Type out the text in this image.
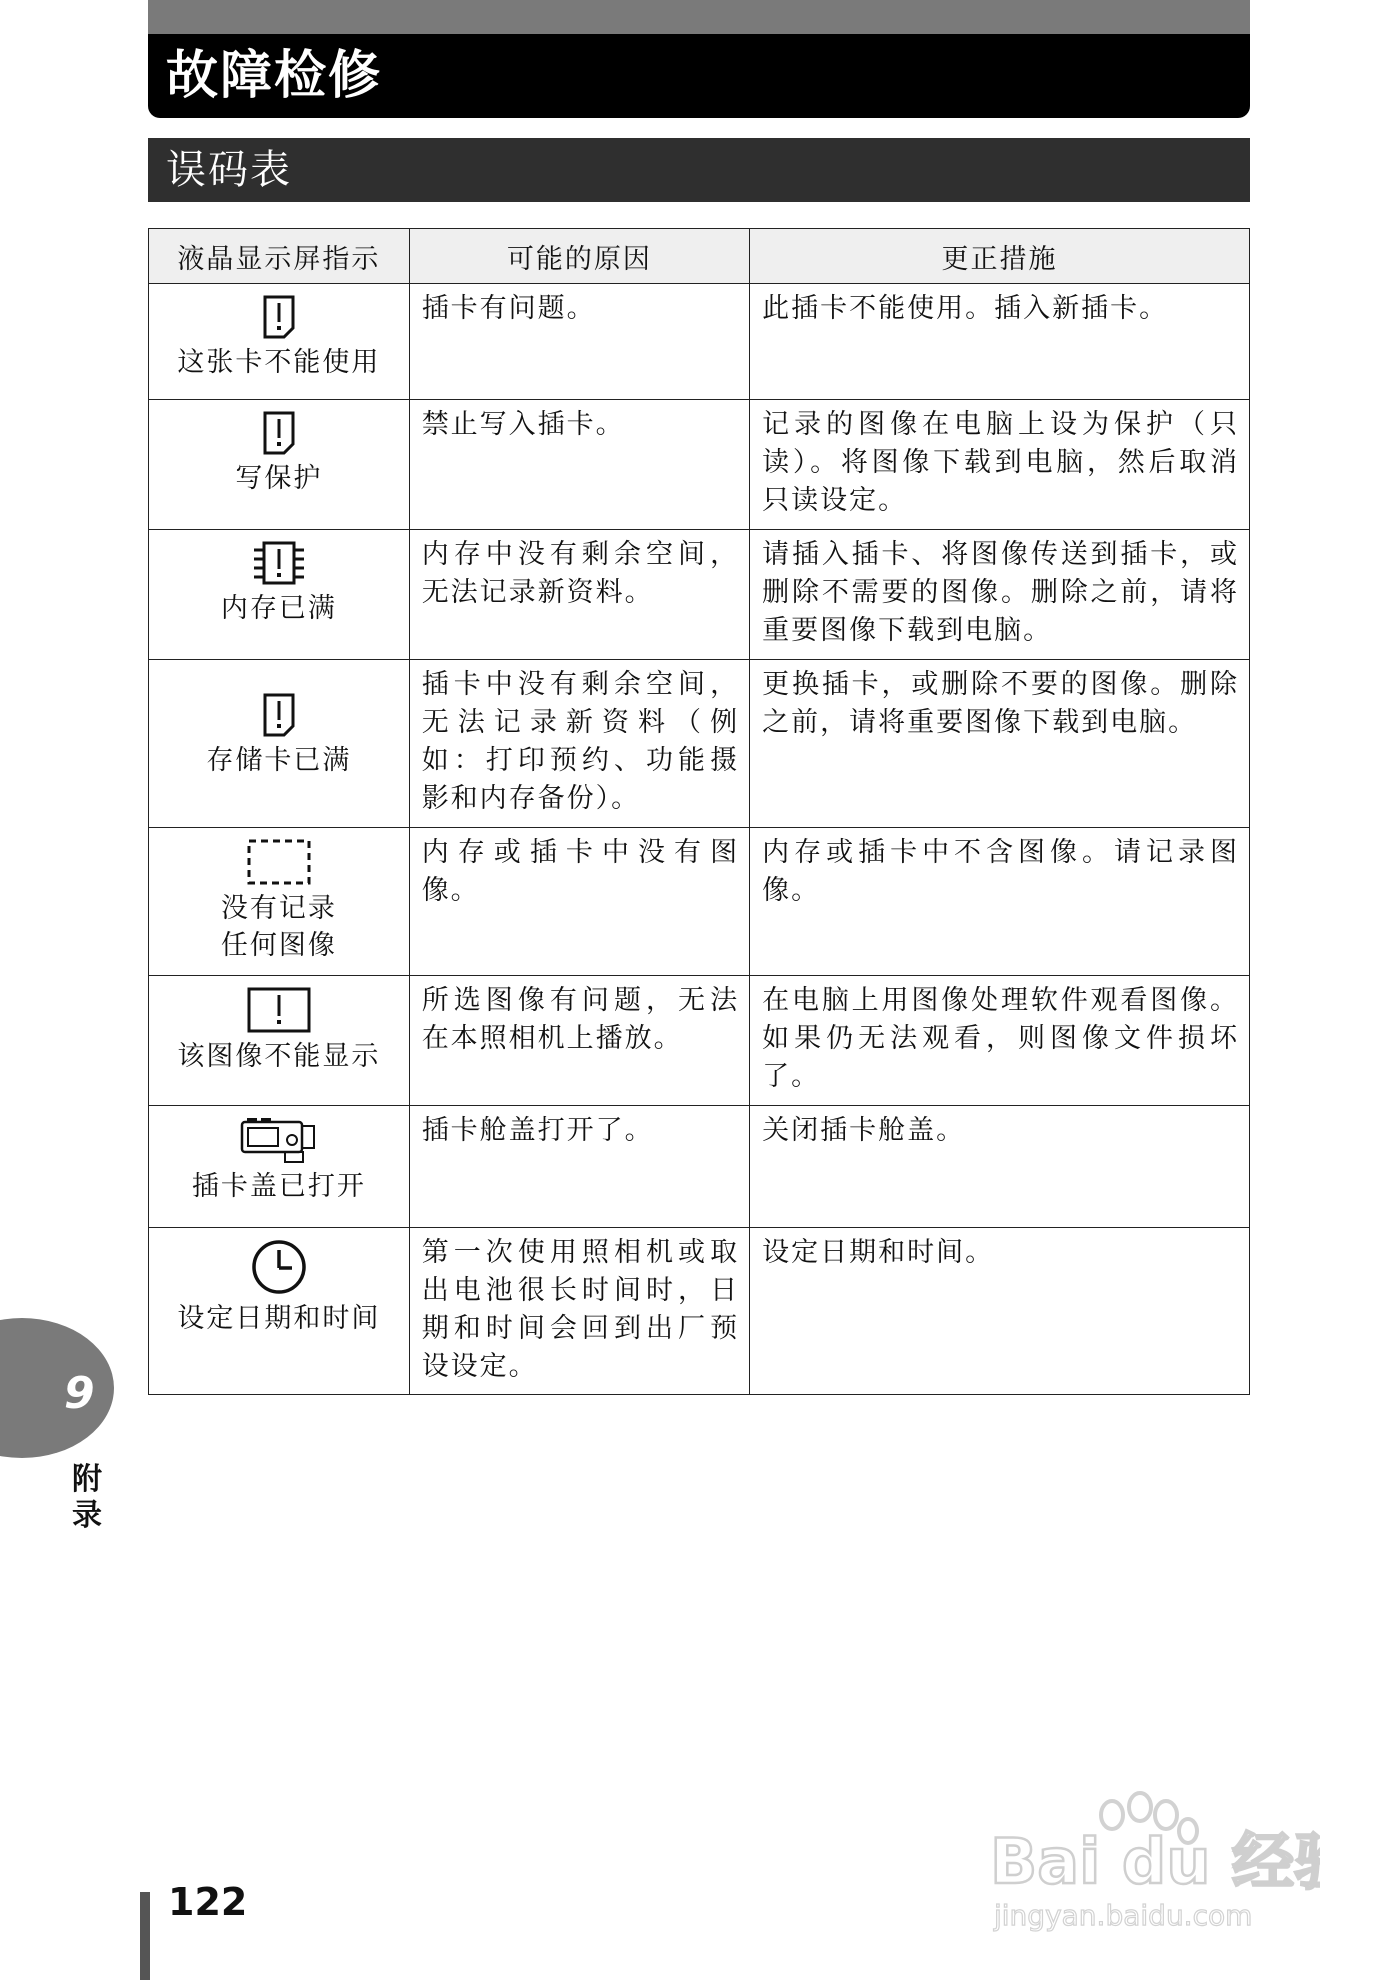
故障检修
误码表
液晶显示屏指示	可能的原因	更正措施

这张卡不能使用	插卡有问题。	此插卡不能使用。插入新插卡。

写保护	禁止写入插卡。	记录的图像在电脑上设为保护（只读）。将图像下载到电脑，然后取消只读设定。

内存已满	内存中没有剩余空间，无法记录新资料。	请插入插卡、将图像传送到插卡，或删除不需要的图像。删除之前，请将重要图像下载到电脑。

存储卡已满	插卡中没有剩余空间，无法记录新资料（例如：打印预约、功能摄影和内存备份）。	更换插卡，或删除不要的图像。删除之前，请将重要图像下载到电脑。

没有记录
任何图像	内存或插卡中没有图像。	内存或插卡中不含图像。请记录图像。

该图像不能显示	所选图像有问题，无法在本照相机上播放。	在电脑上用图像处理软件观看图像。如果仍无法观看，则图像文件损坏了。

插卡盖已打开	插卡舱盖打开了。	关闭插卡舱盖。

设定日期和时间	第一次使用照相机或取出电池很长时间时，日期和时间会回到出厂预设设定。	设定日期和时间。
9
附录
122
Bai du 经验
jingyan.baidu.com
